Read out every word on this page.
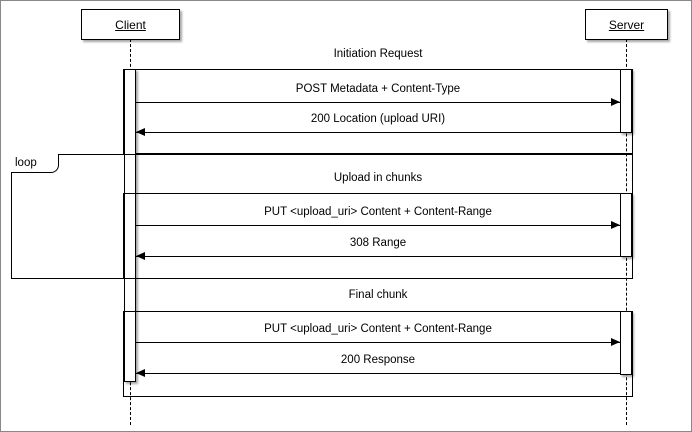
Client	Server
Initiation Request
POST Metadata + Content-Type
200 Location (upload URI)
loop
Upload in chunks
PUT <upload_uri> Content + Content-Range
308 Range
Final chunk
PUT <upload_uri> Content + Content-Range
200 Response
